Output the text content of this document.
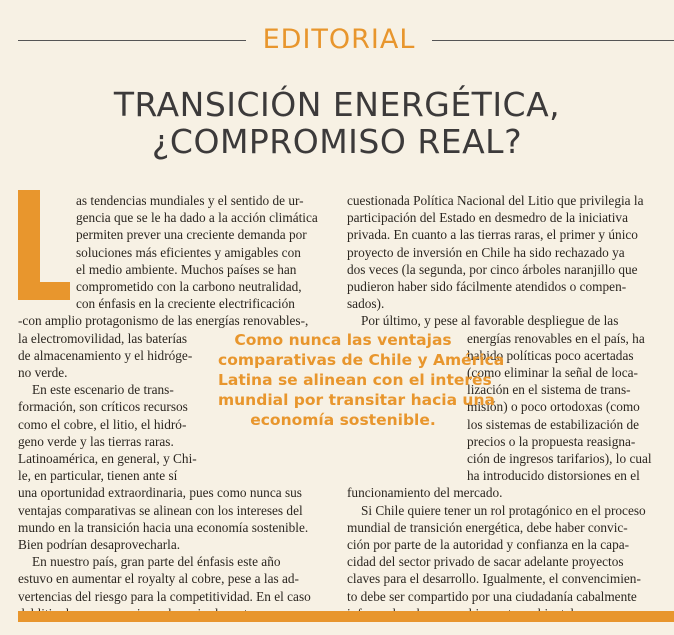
EDITORIAL
TRANSICIÓN ENERGÉTICA,
¿COMPROMISO REAL?
as tendencias mundiales y el sentido de ur-
gencia que se le ha dado a la acción climática
permiten prever una creciente demanda por
soluciones más eficientes y amigables con
el medio ambiente. Muchos países se han
comprometido con la carbono neutralidad,
con énfasis en la creciente electrificación
-con amplio protagonismo de las energías renovables-,
la electromovilidad, las baterías
de almacenamiento y el hidróge-
no verde.
En este escenario de trans-
formación, son críticos recursos
como el cobre, el litio, el hidró-
geno verde y las tierras raras.
Latinoamérica, en general, y Chi-
le, en particular, tienen ante sí
una oportunidad extraordinaria, pues como nunca sus
ventajas comparativas se alinean con los intereses del
mundo en la transición hacia una economía sostenible.
Bien podrían desaprovecharla.
En nuestro país, gran parte del énfasis este año
estuvo en aumentar el royalty al cobre, pese a las ad-
vertencias del riesgo para la competitividad. En el caso
cuestionada Política Nacional del Litio que privilegia la
participación del Estado en desmedro de la iniciativa
privada. En cuanto a las tierras raras, el primer y único
proyecto de inversión en Chile ha sido rechazado ya
dos veces (la segunda, por cinco árboles naranjillo que
pudieron haber sido fácilmente atendidos o compen-
sados).
Por último, y pese al favorable despliegue de las
energías renovables en el país, ha
habido políticas poco acertadas
(como eliminar la señal de loca-
lización en el sistema de trans-
misión) o poco ortodoxas (como
los sistemas de estabilización de
precios o la propuesta reasigna-
ción de ingresos tarifarios), lo cual
ha introducido distorsiones en el
funcionamiento del mercado.
Si Chile quiere tener un rol protagónico en el proceso
mundial de transición energética, debe haber convic-
ción por parte de la autoridad y confianza en la capa-
cidad del sector privado de sacar adelante proyectos
claves para el desarrollo. Igualmente, el convencimien-
to debe ser compartido por una ciudadanía cabalmente
Como nunca las ventajas
comparativas de Chile y América
Latina se alinean con el interés
mundial por transitar hacia una
economía sostenible.
